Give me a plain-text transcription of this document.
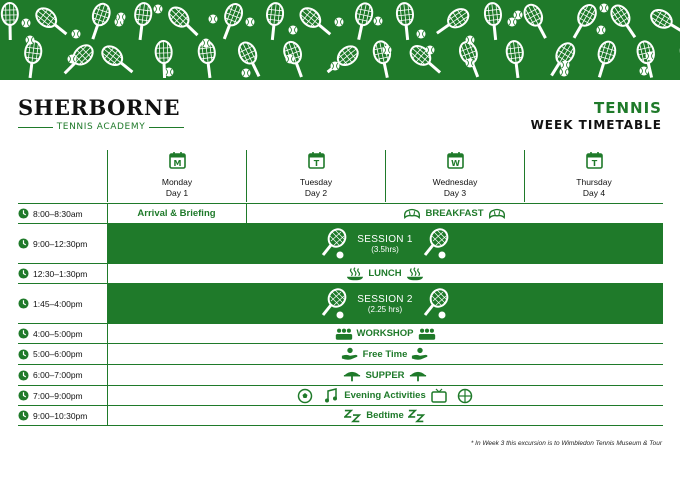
SHERBORNE
TENNIS ACADEMY
TENNIS
WEEK TIMETABLE
M
Monday
Day 1
T
Tuesday
Day 2
W
Wednesday
Day 3
T
Thursday
Day 4
8:00–8:30am	Arrival & Briefing	BREAKFAST
9:00–12:30pm	SESSION 1
(3.5hrs)
12:30–1:30pm	LUNCH
1:45–4:00pm	SESSION 2
(2.25 hrs)
4:00–5:00pm	WORKSHOP
5:00–6:00pm	Free Time
6:00–7:00pm	SUPPER
7:00–9:00pm	Evening Activities
9:00–10:30pm	Bedtime
* In Week 3 this excursion is to Wimbledon Tennis Museum & Tour
